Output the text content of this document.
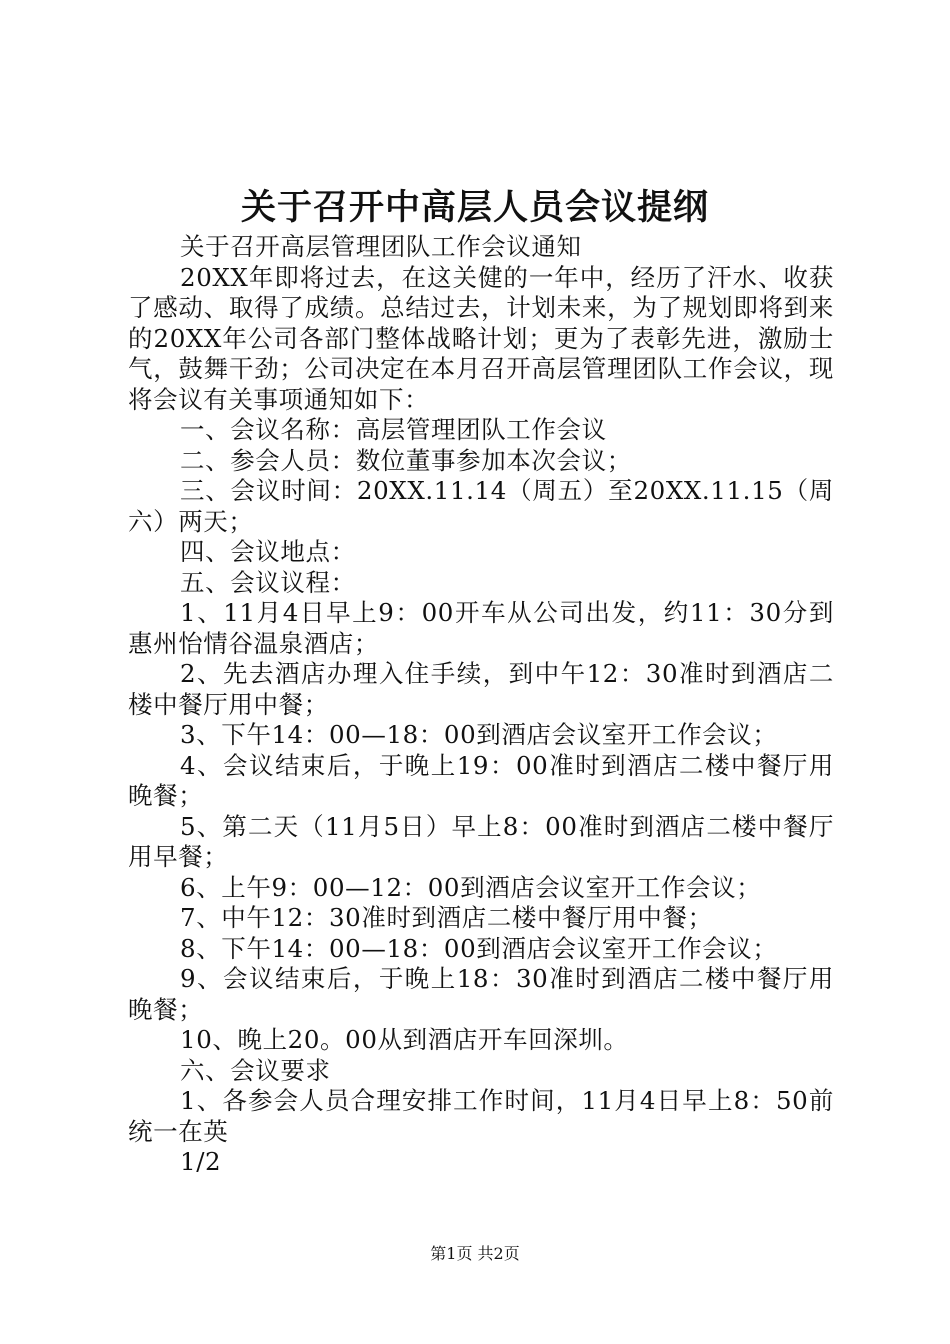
关于召开中高层人员会议提纲

关于召开高层管理团队工作会议通知

20XX年即将过去，在这关健的一年中，经历了汗水、收获了感动、取得了成绩。总结过去，计划未来，为了规划即将到来的20XX年公司各部门整体战略计划；更为了表彰先进，激励士气，鼓舞干劲；公司决定在本月召开高层管理团队工作会议，现将会议有关事项通知如下：

一、会议名称：高层管理团队工作会议

二、参会人员：数位董事参加本次会议；

三、会议时间：20XX.11.14（周五）至20XX.11.15（周六）两天；

四、会议地点：

五、会议议程：

1、11月4日早上9：00开车从公司出发，约11：30分到惠州怡情谷温泉酒店；

2、先去酒店办理入住手续，到中午12：30准时到酒店二楼中餐厅用中餐；

3、下午14：00—18：00到酒店会议室开工作会议；

4、会议结束后，于晚上19：00准时到酒店二楼中餐厅用晚餐；

5、第二天（11月5日）早上8：00准时到酒店二楼中餐厅用早餐；

6、上午9：00—12：00到酒店会议室开工作会议；

7、中午12：30准时到酒店二楼中餐厅用中餐；

8、下午14：00—18：00到酒店会议室开工作会议；

9、会议结束后，于晚上18：30准时到酒店二楼中餐厅用晚餐；

10、晚上20。00从到酒店开车回深圳。

六、会议要求

1、各参会人员合理安排工作时间，11月4日早上8：50前统一在英

1/2

第1页 共2页
